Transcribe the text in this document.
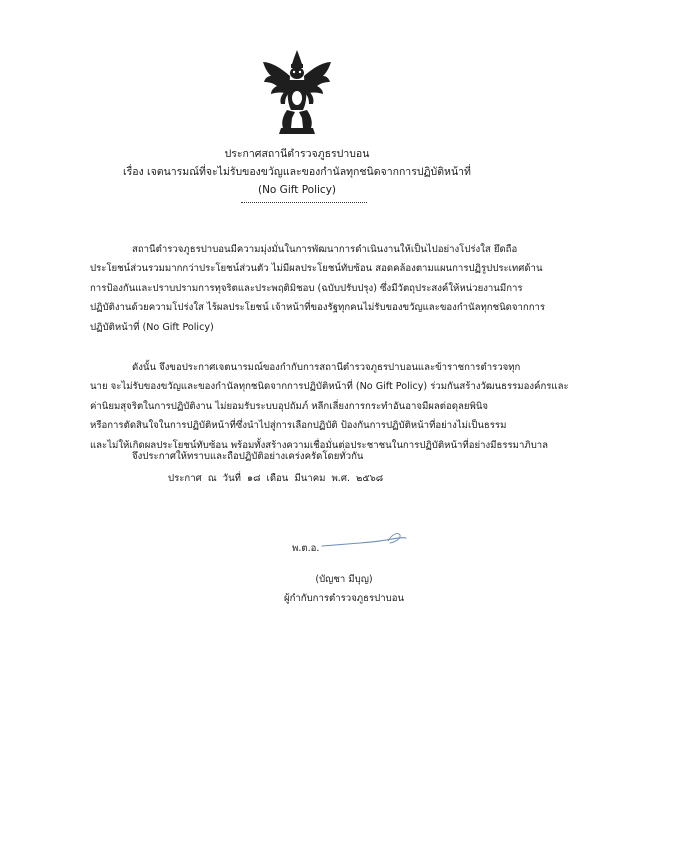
ประกาศสถานีตำรวจภูธรปาบอน
เรื่อง เจตนารมณ์ที่จะไม่รับของขวัญและของกำนัลทุกชนิดจากการปฏิบัติหน้าที่
(No Gift Policy)
สถานีตำรวจภูธรปาบอนมีความมุ่งมั่นในการพัฒนาการดำเนินงานให้เป็นไปอย่างโปร่งใส ยึดถือ
ประโยชน์ส่วนรวมมากกว่าประโยชน์ส่วนตัว ไม่มีผลประโยชน์ทับซ้อน สอดคล้องตามแผนการปฏิรูปประเทศด้าน
การป้องกันและปราบปรามการทุจริตและประพฤติมิชอบ (ฉบับปรับปรุง) ซึ่งมีวัตถุประสงค์ให้หน่วยงานมีการ
ปฏิบัติงานด้วยความโปร่งใส ไร้ผลประโยชน์ เจ้าหน้าที่ของรัฐทุกคนไม่รับของขวัญและของกำนัลทุกชนิดจากการ
ปฏิบัติหน้าที่ (No Gift Policy)
ดังนั้น จึงขอประกาศเจตนารมณ์ของกำกับการสถานีตำรวจภูธรปาบอนและข้าราชการตำรวจทุก
นาย จะไม่รับของขวัญและของกำนัลทุกชนิดจากการปฏิบัติหน้าที่ (No Gift Policy) ร่วมกันสร้างวัฒนธรรมองค์กรและ
ค่านิยมสุจริตในการปฏิบัติงาน ไม่ยอมรับระบบอุปถัมภ์ หลีกเลี่ยงการกระทำอันอาจมีผลต่อดุลยพินิจ
หรือการตัดสินใจในการปฏิบัติหน้าที่ซึ่งนำไปสู่การเลือกปฏิบัติ ป้องกันการปฏิบัติหน้าที่อย่างไม่เป็นธรรม
และไม่ให้เกิดผลประโยชน์ทับซ้อน พร้อมทั้งสร้างความเชื่อมั่นต่อประชาชนในการปฏิบัติหน้าที่อย่างมีธรรมาภิบาล
จึงประกาศให้ทราบและถือปฏิบัติอย่างเคร่งครัดโดยทั่วกัน
ประกาศ ณ วันที่ ๑๘ เดือน มีนาคม พ.ศ. ๒๕๖๘
พ.ต.อ.
(บัญชา มีบุญ)
ผู้กำกับการตำรวจภูธรปาบอน
